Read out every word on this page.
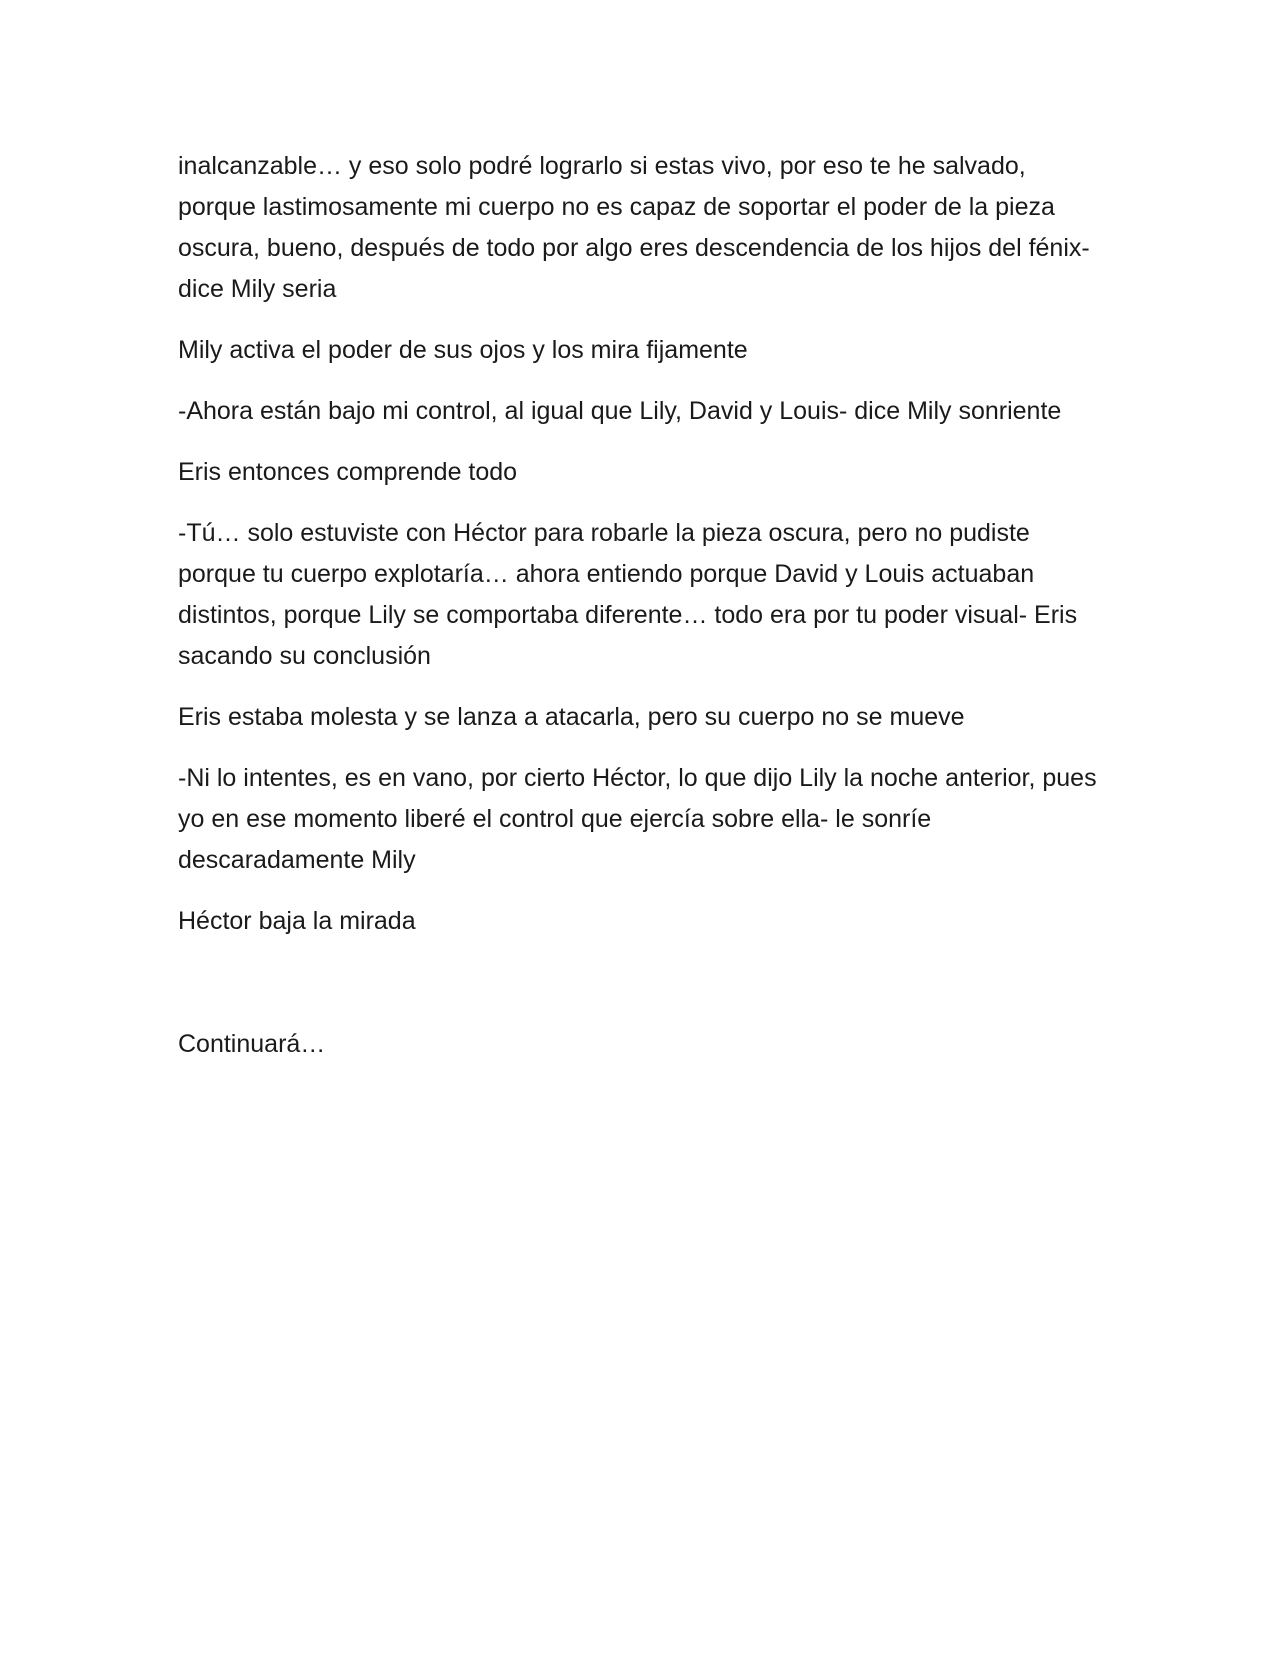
inalcanzable… y eso solo podré lograrlo si estas vivo, por eso te he salvado, porque lastimosamente mi cuerpo no es capaz de soportar el poder de la pieza oscura, bueno, después de todo por algo eres descendencia de los hijos del fénix- dice Mily seria

Mily activa el poder de sus ojos y los mira fijamente

-Ahora están bajo mi control, al igual que Lily, David y Louis- dice Mily sonriente

Eris entonces comprende todo

-Tú… solo estuviste con Héctor para robarle la pieza oscura, pero no pudiste porque tu cuerpo explotaría… ahora entiendo porque David y Louis actuaban distintos, porque Lily se comportaba diferente… todo era por tu poder visual- Eris sacando su conclusión

Eris estaba molesta y se lanza a atacarla, pero su cuerpo no se mueve

-Ni lo intentes, es en vano, por cierto Héctor, lo que dijo Lily la noche anterior, pues yo en ese momento liberé el control que ejercía sobre ella- le sonríe descaradamente Mily

Héctor baja la mirada

Continuará…
